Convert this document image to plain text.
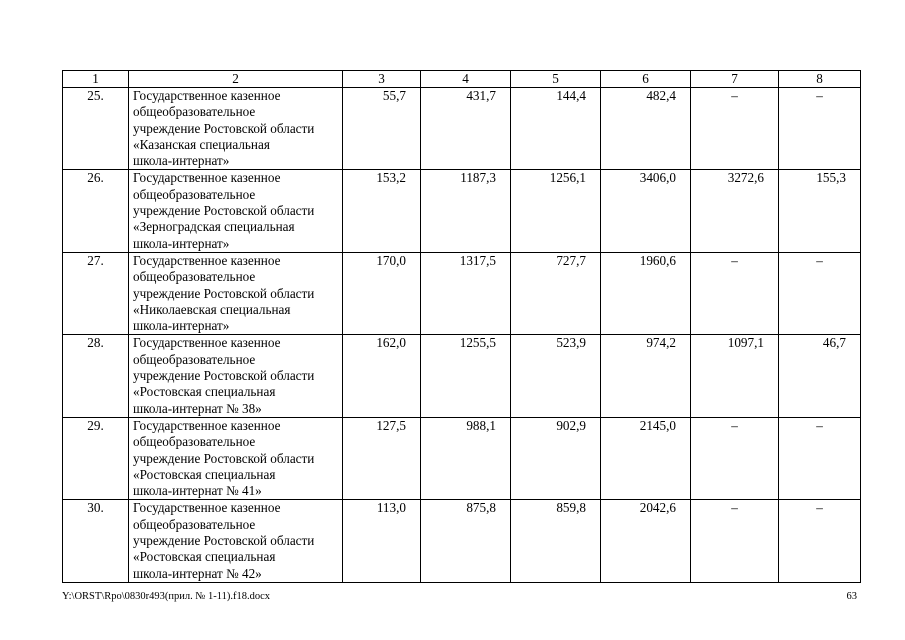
1	2	3	4	5	6	7	8
25.	Государственное казенное
общеобразовательное
учреждение Ростовской области
«Казанская специальная
школа-интернат»	55,7	431,7	144,4	482,4	–	–
26.	Государственное казенное
общеобразовательное
учреждение Ростовской области
«Зерноградская специальная
школа-интернат»	153,2	1187,3	1256,1	3406,0	3272,6	155,3
27.	Государственное казенное
общеобразовательное
учреждение Ростовской области
«Николаевская специальная
школа-интернат»	170,0	1317,5	727,7	1960,6	–	–
28.	Государственное казенное
общеобразовательное
учреждение Ростовской области
«Ростовская специальная
школа-интернат № 38»	162,0	1255,5	523,9	974,2	1097,1	46,7
29.	Государственное казенное
общеобразовательное
учреждение Ростовской области
«Ростовская специальная
школа-интернат № 41»	127,5	988,1	902,9	2145,0	–	–
30.	Государственное казенное
общеобразовательное
учреждение Ростовской области
«Ростовская специальная
школа-интернат № 42»	113,0	875,8	859,8	2042,6	–	–
Y:\ORST\Rpo\0830r493(прил. № 1-11).f18.docx	63
